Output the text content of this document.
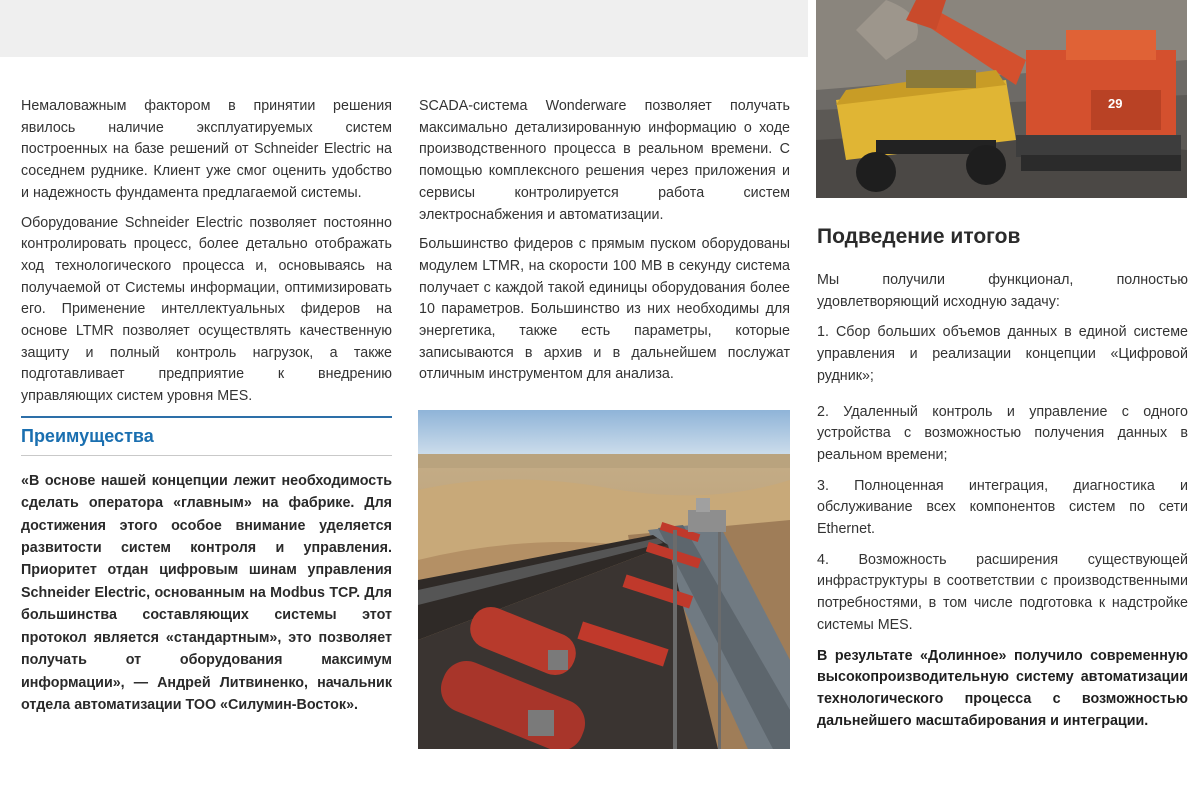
Немаловажным фактором в принятии решения явилось наличие эксплуатируемых систем построенных на базе решений от Schneider Electric на соседнем руднике. Клиент уже смог оценить удобство и надежность фундамента предлагаемой системы.

Оборудование Schneider Electric позволяет постоянно контролировать процесс, более детально отображать ход технологического процесса и, основываясь на получаемой от Системы информации, оптимизировать его. Применение интеллектуальных фидеров на основе LTMR позволяет осуществлять качественную защиту и полный контроль нагрузок, а также подготавливает предприятие к внедрению управляющих систем уровня MES.

Преимущества

«В основе нашей концепции лежит необходимость сделать оператора «главным» на фабрике. Для достижения этого особое внимание уделяется развитости систем контроля и управления. Приоритет отдан цифровым шинам управления Schneider Electric, основанным на Modbus TCP. Для большинства составляющих системы этот протокол является «стандартным», это позволяет получать от оборудования максимум информации», — Андрей Литвиненко, начальник отдела автоматизации ТОО «Силумин-Восток».

SCADA-система Wonderware позволяет получать максимально детализированную информацию о ходе производственного процесса в реальном времени. С помощью комплексного решения через приложения и сервисы контролируется работа систем электроснабжения и автоматизации.

Большинство фидеров с прямым пуском оборудованы модулем LTMR, на скорости 100 МВ в секунду система получает с каждой такой единицы оборудования более 10 параметров. Большинство из них необходимы для энергетика, также есть параметры, которые записываются в архив и в дальнейшем послужат отличным инструментом для анализа.

29
Подведение итогов

Мы получили функционал, полностью удовлетворяющий исходную задачу:

1. Сбор больших объемов данных в единой системе управления и реализации концепции «Цифровой рудник»;

2. Удаленный контроль и управление с одного устройства с возможностью получения данных в реальном времени;

3. Полноценная интеграция, диагностика и обслуживание всех компонентов систем по сети Ethernet.

4. Возможность расширения существующей инфраструктуры в соответствии с производственными потребностями, в том числе подготовка к надстройке системы MES.

В результате «Долинное» получило современную высокопроизводительную систему автоматизации технологического процесса с возможностью дальнейшего масштабирования и интеграции.
